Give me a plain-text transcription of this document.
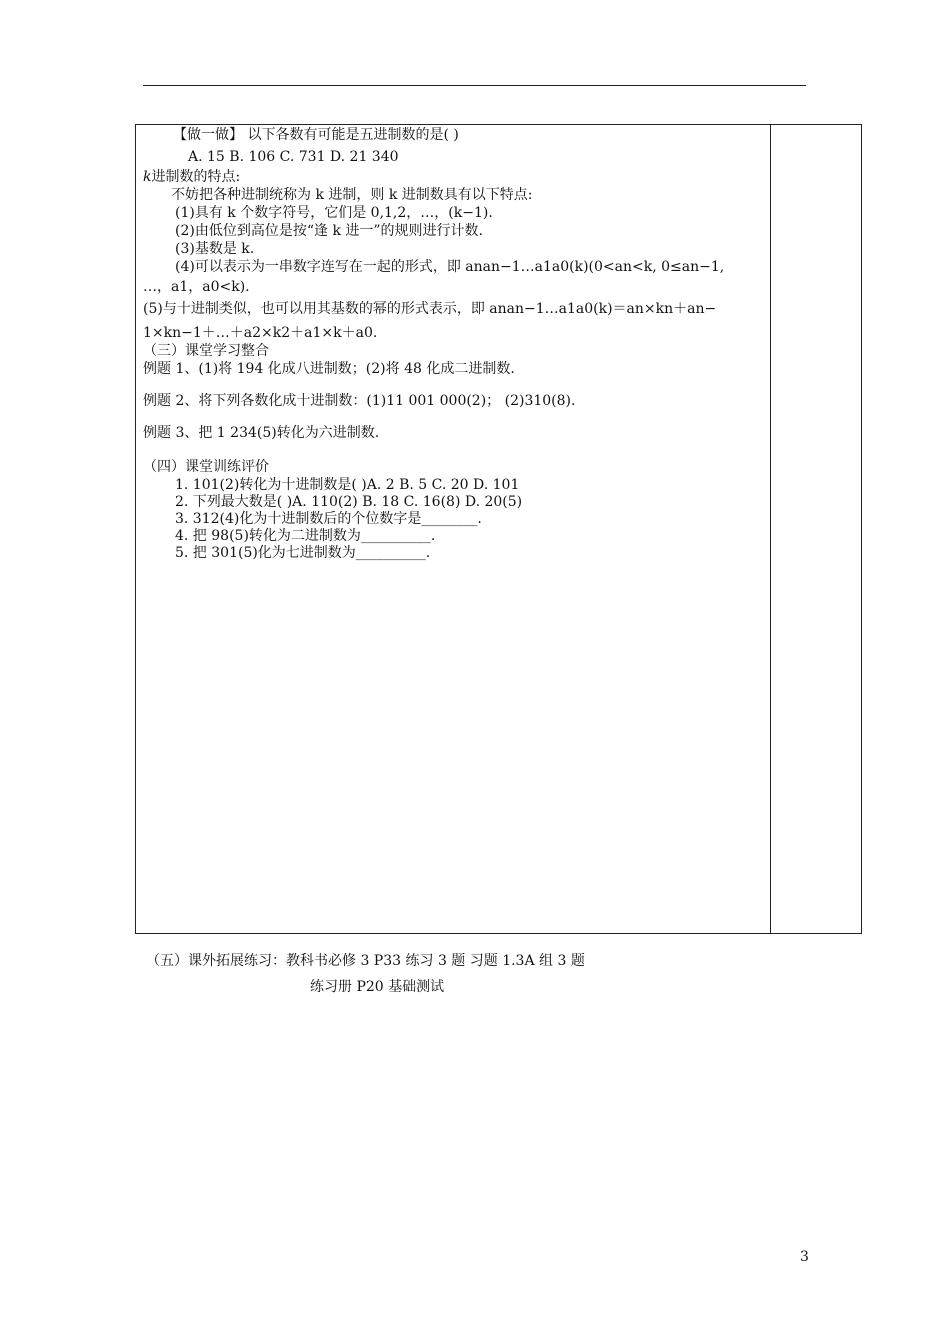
【做一做】 以下各数有可能是五进制数的是( )
A. 15 B. 106 C. 731 D. 21 340
k进制数的特点:
不妨把各种进制统称为 k 进制，则 k 进制数具有以下特点:
(1)具有 k 个数字符号，它们是 0,1,2，…，(k−1).
(2)由低位到高位是按“逢 k 进一”的规则进行计数.
(3)基数是 k.
(4)可以表示为一串数字连写在一起的形式，即 anan−1…a1a0(k)(0<an<k, 0≤an−1,
…，a1，a0<k).
(5)与十进制类似，也可以用其基数的幂的形式表示，即 anan−1…a1a0(k)＝an×kn＋an−
1×kn−1＋…＋a2×k2＋a1×k＋a0.
（三）课堂学习整合
例题 1、(1)将 194 化成八进制数；(2)将 48 化成二进制数.
例题 2、将下列各数化成十进制数：(1)11 001 000(2)； (2)310(8).
例题 3、把 1 234(5)转化为六进制数.
（四）课堂训练评价
1. 101(2)转化为十进制数是( )A. 2 B. 5 C. 20 D. 101
2. 下列最大数是( )A. 110(2) B. 18 C. 16(8) D. 20(5)
3. 312(4)化为十进制数后的个位数字是________.
4. 把 98(5)转化为二进制数为__________.
5. 把 301(5)化为七进制数为__________.
（五）课外拓展练习：教科书必修 3 P33 练习 3 题 习题 1.3A 组 3 题
练习册 P20 基础测试
3
